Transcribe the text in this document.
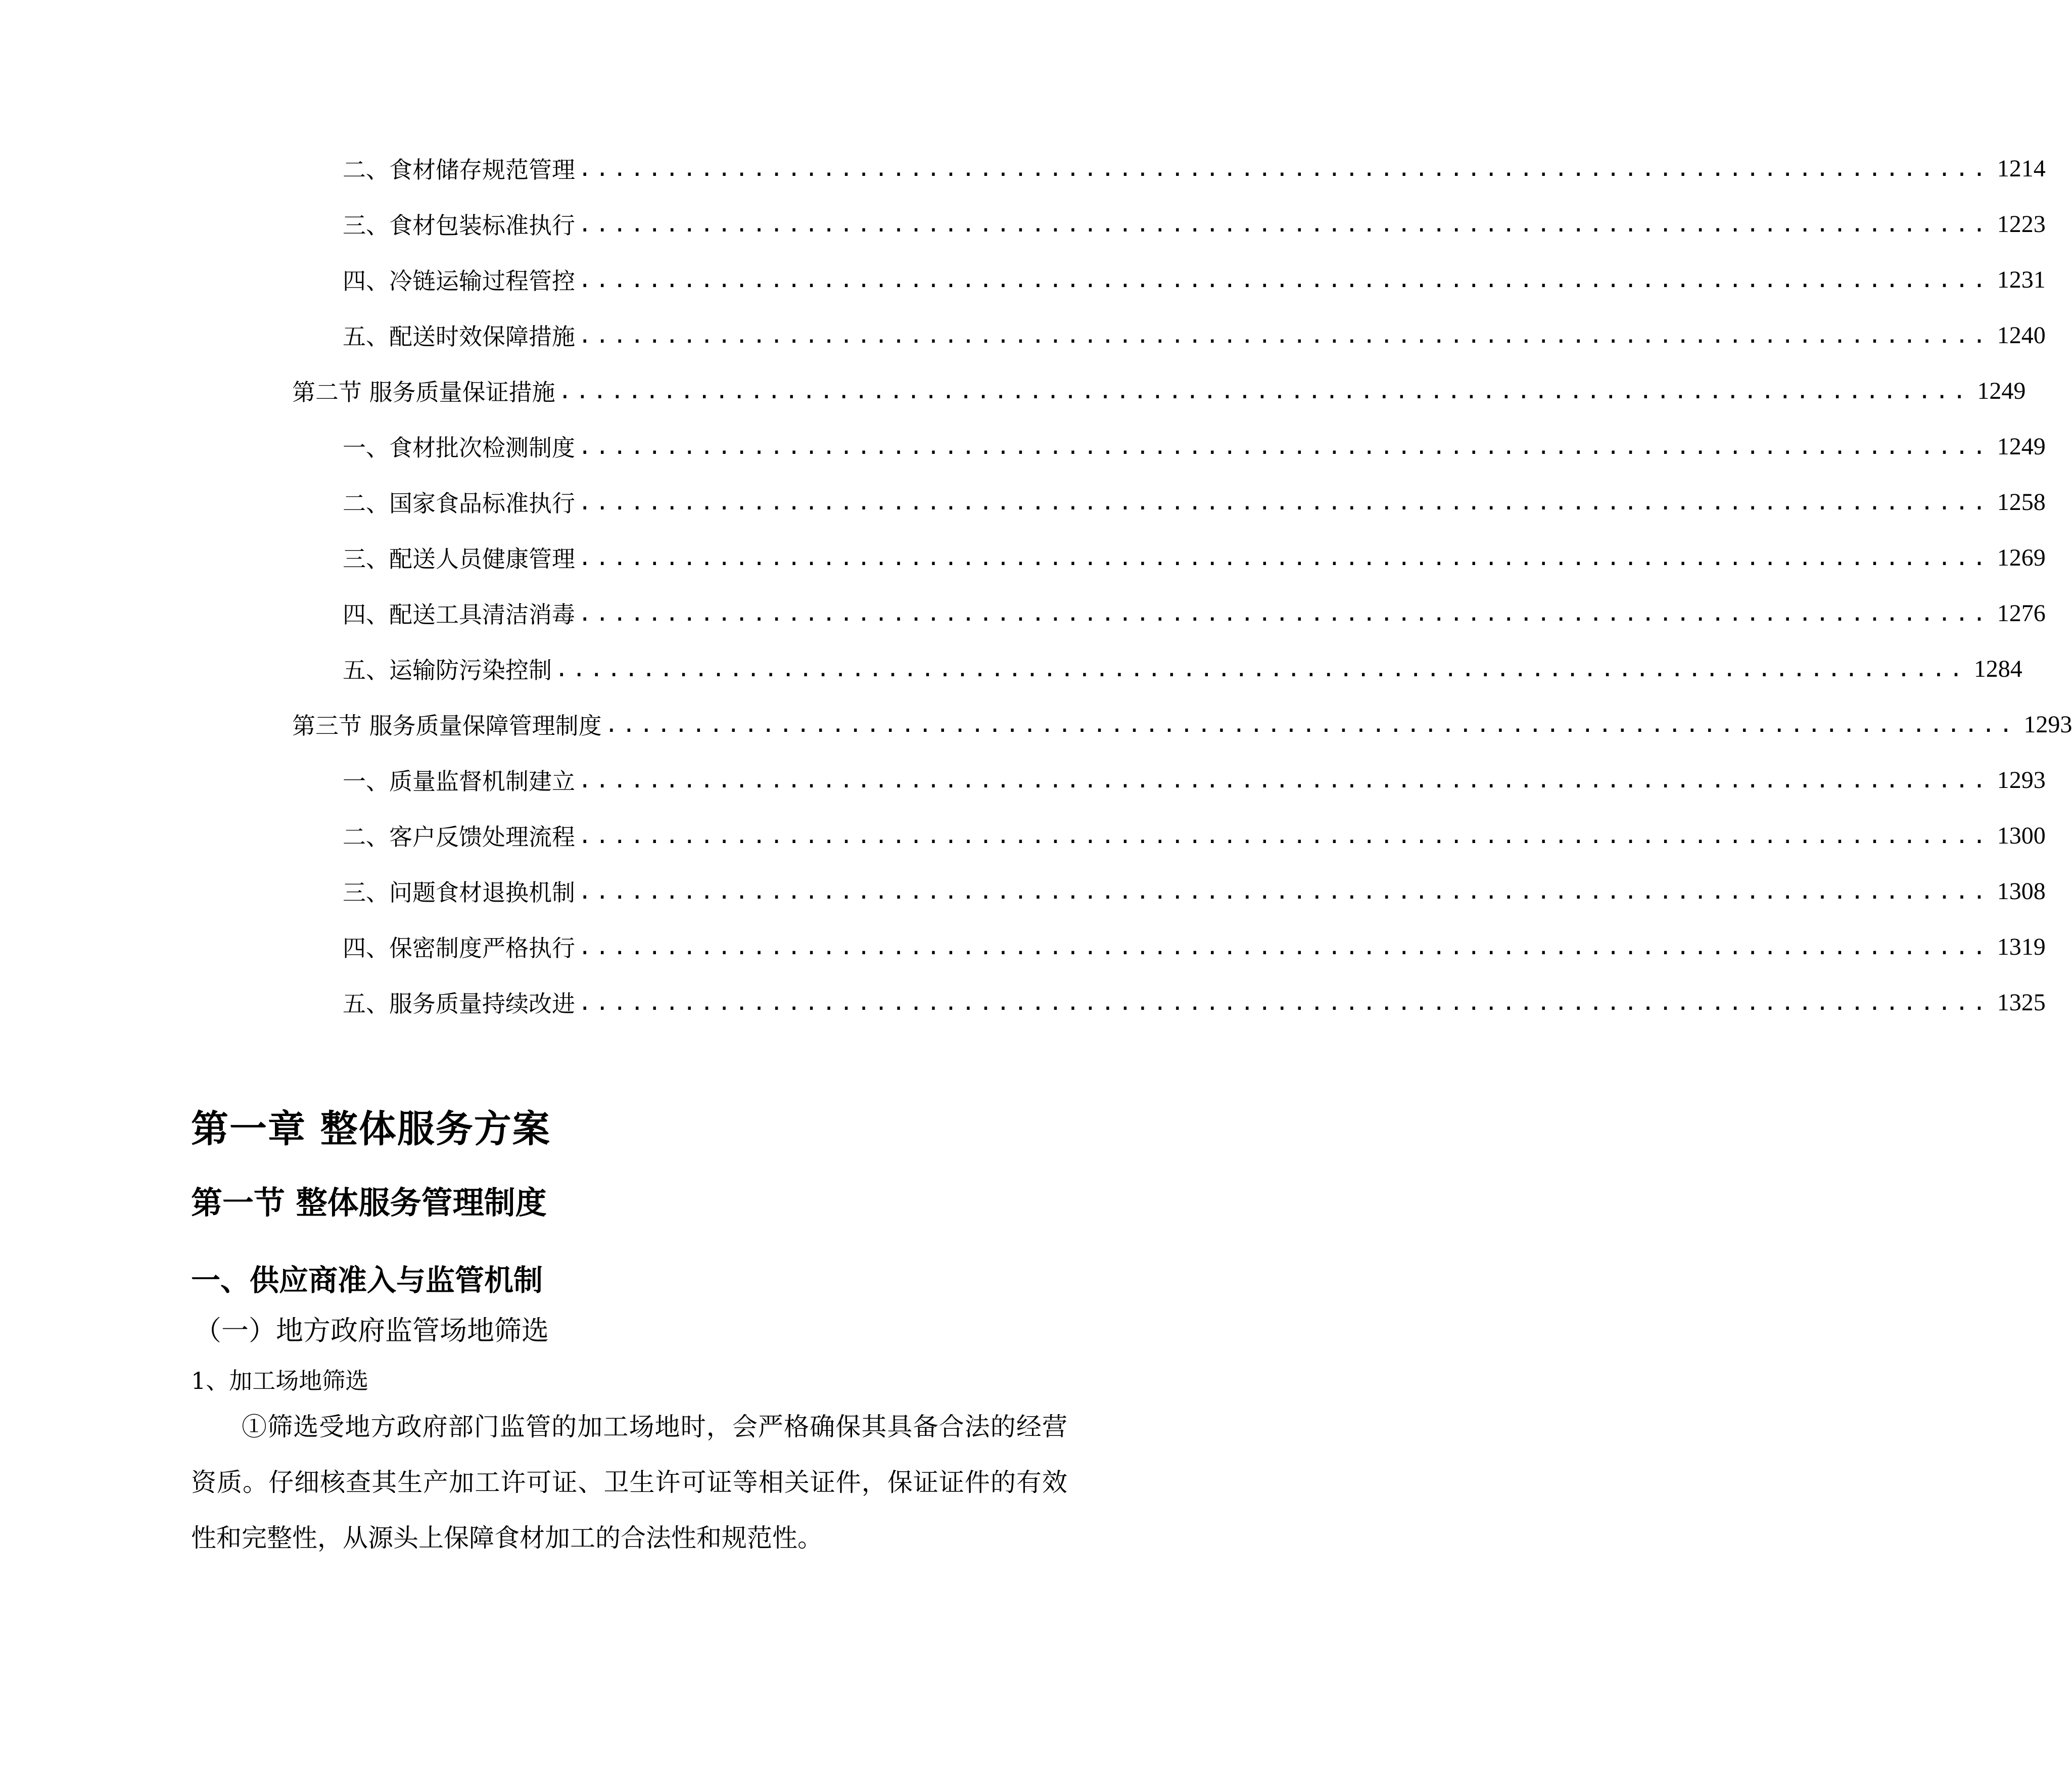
二、 食材储存规范管理 ................................................................................. 1214
三、 食材包装标准执行 ................................................................................. 1223
四、 冷链运输过程管控 ................................................................................. 1231
五、 配送时效保障措施 ................................................................................. 1240
第二节 服务质量保证措施 ................................................................................. 1249
一、 食材批次检测制度 ................................................................................. 1249
二、 国家食品标准执行 ................................................................................. 1258
三、 配送人员健康管理 ................................................................................. 1269
四、 配送工具清洁消毒 ................................................................................. 1276
五、 运输防污染控制 ................................................................................. 1284
第三节 服务质量保障管理制度 ................................................................................. 1293
一、 质量监督机制建立 ................................................................................. 1293
二、 客户反馈处理流程 ................................................................................. 1300
三、 问题食材退换机制 ................................................................................. 1308
四、 保密制度严格执行 ................................................................................. 1319
五、 服务质量持续改进 ................................................................................. 1325
第一章 整体服务方案
第一节 整体服务管理制度
一、供应商准入与监管机制
（一）地方政府监管场地筛选
1、加工场地筛选
①筛选受地方政府部门监管的加工场地时，会严格确保其具备合法的经营资质。仔细核查其生产加工许可证、卫生许可证等相关证件，保证证件的有效性和完整性，从源头上保障食材加工的合法性和规范性。
